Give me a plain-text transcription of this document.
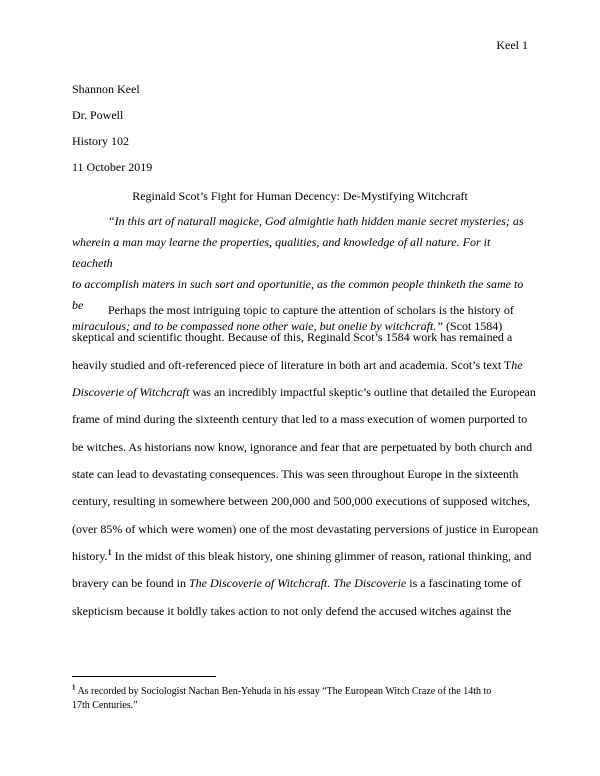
Keel 1
Shannon Keel
Dr. Powell
History 102
11 October 2019
Reginald Scot’s Fight for Human Decency: De-Mystifying Witchcraft
“In this art of naturall magicke, God almightie hath hidden manie secret mysteries; as
wherein a man may learne the properties, qualities, and knowledge of all nature. For it teacheth
to accomplish maters in such sort and oportunitie, as the common people thinketh the same to be
miraculous; and to be compassed none other waie, but onelie by witchcraft.” (Scot 1584)
Perhaps the most intriguing topic to capture the attention of scholars is the history of
skeptical and scientific thought. Because of this, Reginald Scot’s 1584 work has remained a
heavily studied and oft-referenced piece of literature in both art and academia. Scot’s text The
Discoverie of Witchcraft was an incredibly impactful skeptic’s outline that detailed the European
frame of mind during the sixteenth century that led to a mass execution of women purported to
be witches. As historians now know, ignorance and fear that are perpetuated by both church and
state can lead to devastating consequences. This was seen throughout Europe in the sixteenth
century, resulting in somewhere between 200,000 and 500,000 executions of supposed witches,
(over 85% of which were women) one of the most devastating perversions of justice in European
history.$^1$ In the midst of this bleak history, one shining glimmer of reason, rational thinking, and
bravery can be found in The Discoverie of Witchcraft. The Discoverie is a fascinating tome of
skepticism because it boldly takes action to not only defend the accused witches against the
$^1$ As recorded by Sociologist Nachan Ben-Yehuda in his essay “The European Witch Craze of the 14th to
17th Centuries.”
